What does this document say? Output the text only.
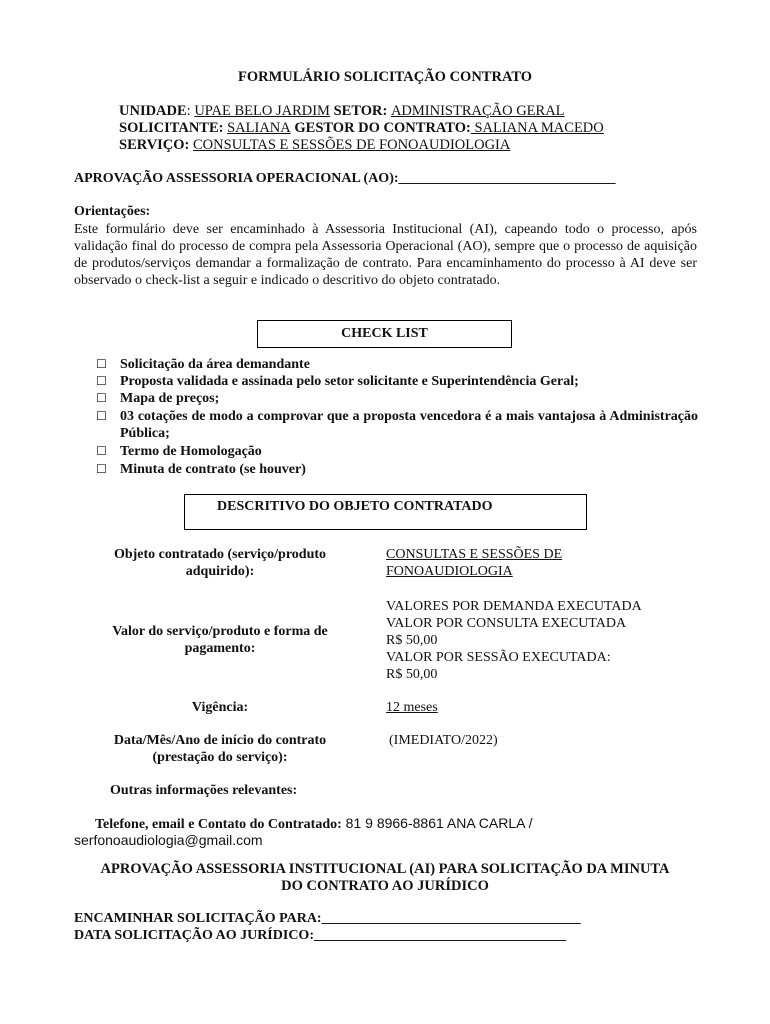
FORMULÁRIO SOLICITAÇÃO CONTRATO
UNIDADE: UPAE BELO JARDIM SETOR: ADMINISTRAÇÃO GERAL
SOLICITANTE: SALIANA GESTOR DO CONTRATO: SALIANA MACEDO
SERVIÇO: CONSULTAS E SESSÕES DE FONOAUDIOLOGIA
APROVAÇÃO ASSESSORIA OPERACIONAL (AO):_______________________________
Orientações:
Este formulário deve ser encaminhado à Assessoria Institucional (AI), capeando todo o processo, após validação final do processo de compra pela Assessoria Operacional (AO), sempre que o processo de aquisição de produtos/serviços demandar a formalização de contrato. Para encaminhamento do processo à AI deve ser observado o check-list a seguir e indicado o descritivo do objeto contratado.
CHECK LIST
☐ Solicitação da área demandante
☐ Proposta validada e assinada pelo setor solicitante e Superintendência Geral;
☐ Mapa de preços;
☐ 03 cotações de modo a comprovar que a proposta vencedora é a mais vantajosa à Administração Pública;
☐ Termo de Homologação
☐ Minuta de contrato (se houver)
DESCRITIVO DO OBJETO CONTRATADO
Objeto contratado (serviço/produto adquirido):
CONSULTAS E SESSÕES DE
FONOAUDIOLOGIA
Valor do serviço/produto e forma de pagamento:
VALORES POR DEMANDA EXECUTADA
VALOR POR CONSULTA EXECUTADA
R$ 50,00
VALOR POR SESSÃO EXECUTADA:
R$ 50,00
Vigência:	12 meses
Data/Mês/Ano de início do contrato (prestação do serviço):
(IMEDIATO/2022)
Outras informações relevantes:
Telefone, email e Contato do Contratado: 81 9 8966-8861 ANA CARLA /
serfonoaudiologia@gmail.com
APROVAÇÃO ASSESSORIA INSTITUCIONAL (AI) PARA SOLICITAÇÃO DA MINUTA DO CONTRATO AO JURÍDICO
ENCAMINHAR SOLICITAÇÃO PARA:_____________________________________
DATA SOLICITAÇÃO AO JURÍDICO:____________________________________
